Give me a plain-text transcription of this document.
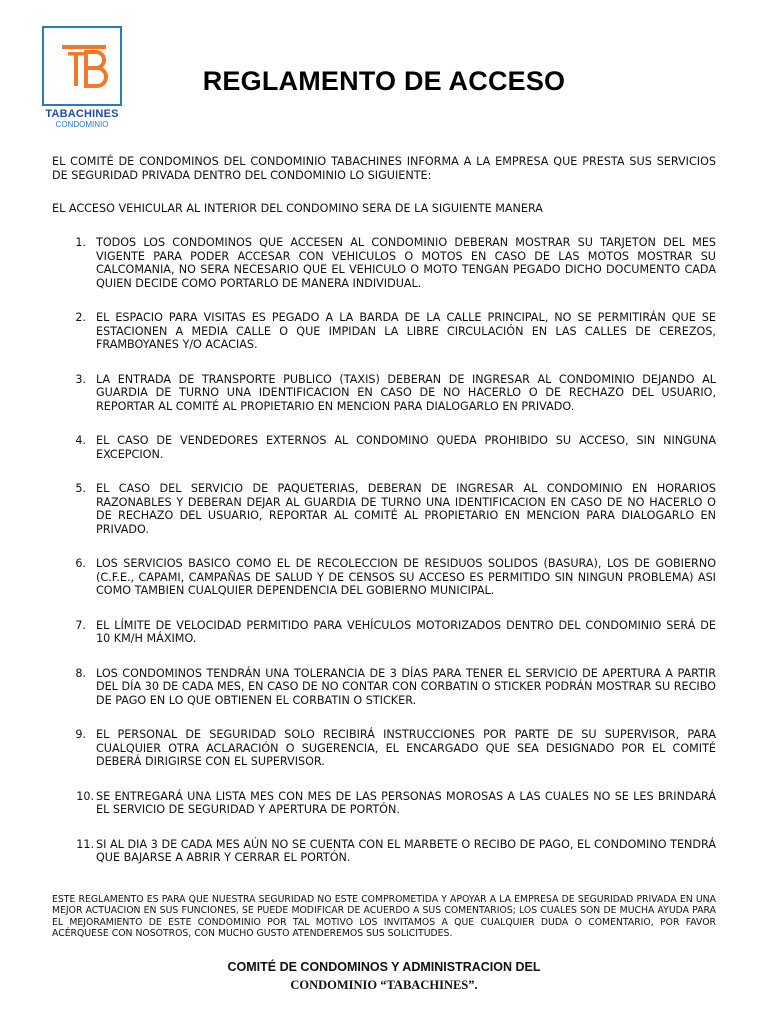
TABACHINES
CONDOMINIO
REGLAMENTO DE ACCESO
EL COMITÉ DE CONDOMINOS DEL CONDOMINIO TABACHINES INFORMA A LA EMPRESA QUE PRESTA SUS SERVICIOS DE SEGURIDAD PRIVADA DENTRO DEL CONDOMINIO LO SIGUIENTE:
EL ACCESO VEHICULAR AL INTERIOR DEL CONDOMINO SERA DE LA SIGUIENTE MANERA
1. TODOS LOS CONDOMINOS QUE ACCESEN AL CONDOMINIO DEBERAN MOSTRAR SU TARJETON DEL MES VIGENTE PARA PODER ACCESAR CON VEHICULOS O MOTOS EN CASO DE LAS MOTOS MOSTRAR SU CALCOMANIA, NO SERA NECESARIO QUE EL VEHICULO O MOTO TENGAN PEGADO DICHO DOCUMENTO CADA QUIEN DECIDE COMO PORTARLO DE MANERA INDIVIDUAL.
2. EL ESPACIO PARA VISITAS ES PEGADO A LA BARDA DE LA CALLE PRINCIPAL, NO SE PERMITIRÁN QUE SE ESTACIONEN A MEDIA CALLE O QUE IMPIDAN LA LIBRE CIRCULACIÓN EN LAS CALLES DE CEREZOS, FRAMBOYANES Y/O ACACIAS.
3. LA ENTRADA DE TRANSPORTE PUBLICO (TAXIS) DEBERAN DE INGRESAR AL CONDOMINIO DEJANDO AL GUARDIA DE TURNO UNA IDENTIFICACION EN CASO DE NO HACERLO O DE RECHAZO DEL USUARIO, REPORTAR AL COMITÉ AL PROPIETARIO EN MENCION PARA DIALOGARLO EN PRIVADO.
4. EL CASO DE VENDEDORES EXTERNOS AL CONDOMINO QUEDA PROHIBIDO SU ACCESO, SIN NINGUNA EXCEPCION.
5. EL CASO DEL SERVICIO DE PAQUETERIAS, DEBERAN DE INGRESAR AL CONDOMINIO EN HORARIOS RAZONABLES Y DEBERAN DEJAR AL GUARDIA DE TURNO UNA IDENTIFICACION EN CASO DE NO HACERLO O DE RECHAZO DEL USUARIO, REPORTAR AL COMITÉ AL PROPIETARIO EN MENCION PARA DIALOGARLO EN PRIVADO.
6. LOS SERVICIOS BASICO COMO EL DE RECOLECCION DE RESIDUOS SOLIDOS (BASURA), LOS DE GOBIERNO (C.F.E., CAPAMI, CAMPAÑAS DE SALUD Y DE CENSOS SU ACCESO ES PERMITIDO SIN NINGUN PROBLEMA) ASI COMO TAMBIEN CUALQUIER DEPENDENCIA DEL GOBIERNO MUNICIPAL.
7. EL LÍMITE DE VELOCIDAD PERMITIDO PARA VEHÍCULOS MOTORIZADOS DENTRO DEL CONDOMINIO SERÁ DE 10 KM/H MÁXIMO.
8. LOS CONDOMINOS TENDRÁN UNA TOLERANCIA DE 3 DÍAS PARA TENER EL SERVICIO DE APERTURA A PARTIR DEL DÍA 30 DE CADA MES, EN CASO DE NO CONTAR CON CORBATIN O STICKER PODRÁN MOSTRAR SU RECIBO DE PAGO EN LO QUE OBTIENEN EL CORBATIN O STICKER.
9. EL PERSONAL DE SEGURIDAD SOLO RECIBIRÁ INSTRUCCIONES POR PARTE DE SU SUPERVISOR, PARA CUALQUIER OTRA ACLARACIÓN O SUGERENCIA, EL ENCARGADO QUE SEA DESIGNADO POR EL COMITÉ DEBERÁ DIRIGIRSE CON EL SUPERVISOR.
10. SE ENTREGARÁ UNA LISTA MES CON MES DE LAS PERSONAS MOROSAS A LAS CUALES NO SE LES BRINDARÁ EL SERVICIO DE SEGURIDAD Y APERTURA DE PORTÓN.
11. SI AL DIA 3 DE CADA MES AÚN NO SE CUENTA CON EL MARBETE O RECIBO DE PAGO, EL CONDOMINO TENDRÁ QUE BAJARSE A ABRIR Y CERRAR EL PORTÓN.
ESTE REGLAMENTO ES PARA QUE NUESTRA SEGURIDAD NO ESTE COMPROMETIDA Y APOYAR A LA EMPRESA DE SEGURIDAD PRIVADA EN UNA MEJOR ACTUACION EN SUS FUNCIONES, SE PUEDE MODIFICAR DE ACUERDO A SUS COMENTARIOS; LOS CUALES SON DE MUCHA AYUDA PARA EL MEJORAMIENTO DE ESTE CONDOMINIO POR TAL MOTIVO LOS INVITAMOS A QUE CUALQUIER DUDA O COMENTARIO, POR FAVOR ACÉRQUESE CON NOSOTROS, CON MUCHO GUSTO ATENDEREMOS SUS SOLICITUDES.
COMITÉ DE CONDOMINOS Y ADMINISTRACION DEL
CONDOMINIO “TABACHINES”.
